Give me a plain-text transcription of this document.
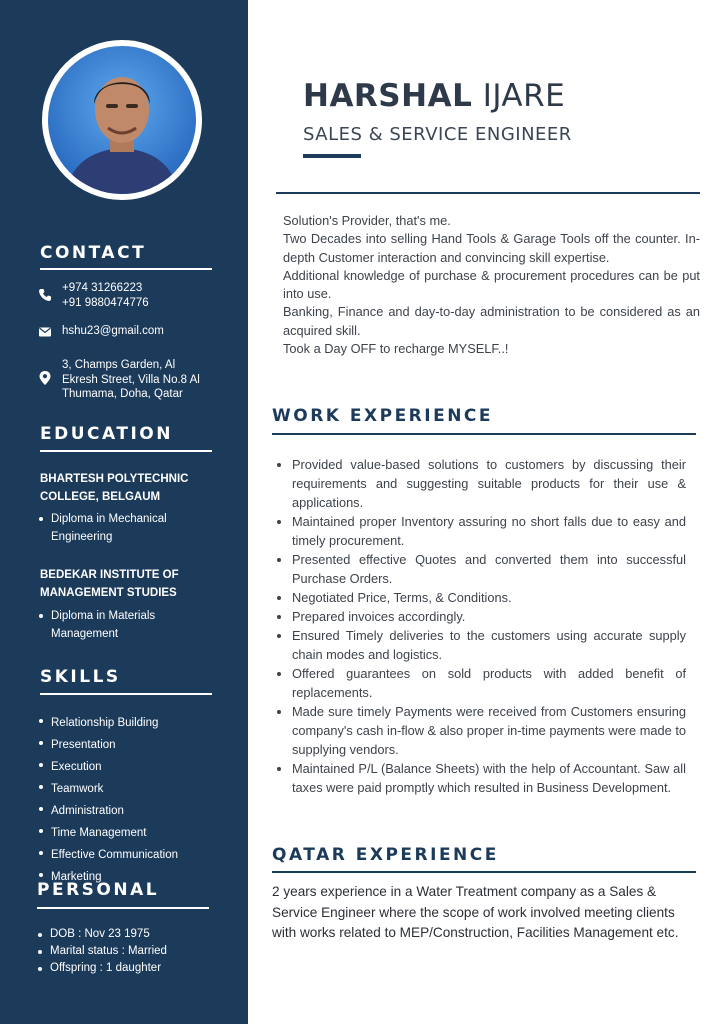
CONTACT
+974 31266223
+91 9880474776
hshu23@gmail.com
3, Champs Garden, Al
Ekresh Street, Villa No.8 Al
Thumama, Doha, Qatar
EDUCATION
BHARTESH POLYTECHNIC
COLLEGE, BELGAUM
Diploma in Mechanical
Engineering
BEDEKAR INSTITUTE OF
MANAGEMENT STUDIES
Diploma in Materials
Management
SKILLS
Relationship Building
Presentation
Execution
Teamwork
Administration
Time Management
Effective Communication
Marketing
PERSONAL
DOB : Nov 23 1975
Marital status : Married
Offspring : 1 daughter
HARSHAL IJARE
SALES & SERVICE ENGINEER

Solution's Provider, that's me.

Two Decades into selling Hand Tools & Garage Tools off the counter. In-depth Customer interaction and convincing skill expertise.

Additional knowledge of purchase & procurement procedures can be put into use.

Banking, Finance and day-to-day administration to be considered as an acquired skill.

Took a Day OFF to recharge MYSELF..!

WORK EXPERIENCE
Provided value-based solutions to customers by discussing their requirements and suggesting suitable products for their use & applications.
Maintained proper Inventory assuring no short falls due to easy and timely procurement.
Presented effective Quotes and converted them into successful Purchase Orders.
Negotiated Price, Terms, & Conditions.
Prepared invoices accordingly.
Ensured Timely deliveries to the customers using accurate supply chain modes and logistics.
Offered guarantees on sold products with added benefit of replacements.
Made sure timely Payments were received from Customers ensuring company's cash in-flow & also proper in-time payments were made to supplying vendors.
Maintained P/L (Balance Sheets) with the help of Accountant. Saw all taxes were paid promptly which resulted in Business Development.
QATAR EXPERIENCE

2 years experience in a Water Treatment company as a Sales & Service Engineer where the scope of work involved meeting clients with works related to MEP/Construction, Facilities Management etc.
